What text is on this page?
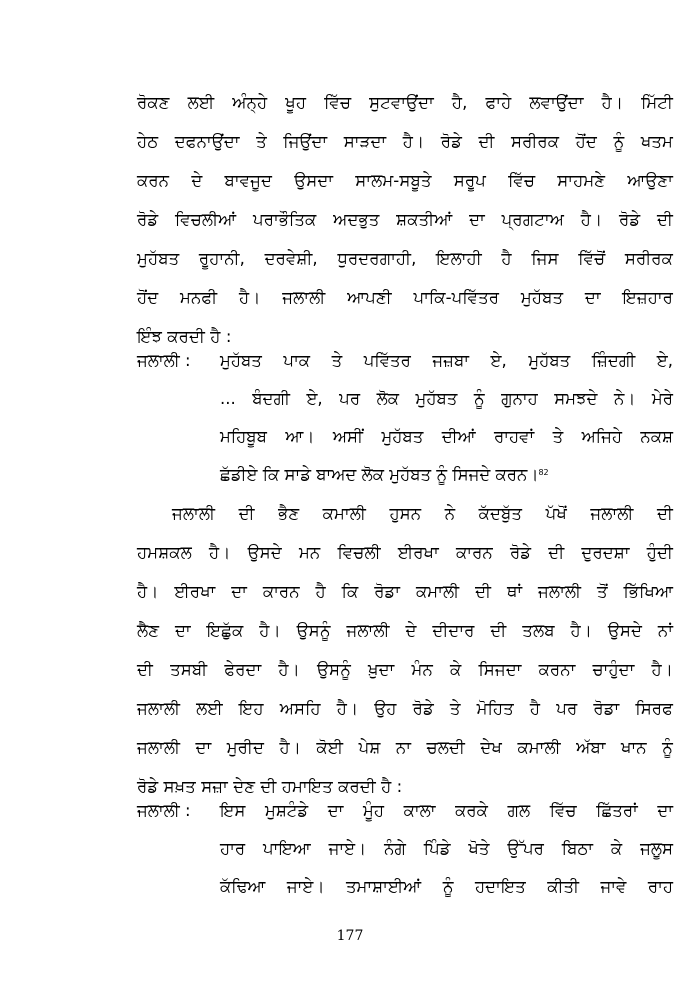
ਰੋਕਣ ਲਈ ਅੰਨ੍ਹੇ ਖੂਹ ਵਿੱਚ ਸੁਟਵਾਉਂਦਾ ਹੈ, ਫਾਹੇ ਲਵਾਉਂਦਾ ਹੈ। ਮਿੱਟੀ
ਹੇਠ ਦਫਨਾਉਂਦਾ ਤੇ ਜਿਉਂਦਾ ਸਾੜਦਾ ਹੈ। ਰੋਡੇ ਦੀ ਸਰੀਰਕ ਹੋਂਦ ਨੂੰ ਖਤਮ
ਕਰਨ ਦੇ ਬਾਵਜੂਦ ਉਸਦਾ ਸਾਲਮ-ਸਬੂਤੇ ਸਰੂਪ ਵਿੱਚ ਸਾਹਮਣੇ ਆਉਣਾ
ਰੋਡੇ ਵਿਚਲੀਆਂ ਪਰਾਭੌਤਿਕ ਅਦਭੁਤ ਸ਼ਕਤੀਆਂ ਦਾ ਪ੍ਰਗਟਾਅ ਹੈ। ਰੋਡੇ ਦੀ
ਮੁਹੱਬਤ ਰੂਹਾਨੀ, ਦਰਵੇਸ਼ੀ, ਧੁਰਦਰਗਾਹੀ, ਇਲਾਹੀ ਹੈ ਜਿਸ ਵਿੱਚੋਂ ਸਰੀਰਕ
ਹੋਂਦ ਮਨਫੀ ਹੈ। ਜਲਾਲੀ ਆਪਣੀ ਪਾਕਿ-ਪਵਿੱਤਰ ਮੁਹੱਬਤ ਦਾ ਇਜ਼ਹਾਰ
ਇੰਝ ਕਰਦੀ ਹੈ :
ਜਲਾਲੀ :	ਮੁਹੱਬਤ ਪਾਕ ਤੇ ਪਵਿੱਤਰ ਜਜ਼ਬਾ ਏ, ਮੁਹੱਬਤ ਜ਼ਿੰਦਗੀ ਏ,
... ਬੰਦਗੀ ਏ, ਪਰ ਲੋਕ ਮੁਹੱਬਤ ਨੂੰ ਗੁਨਾਹ ਸਮਝਦੇ ਨੇ। ਮੇਰੇ
ਮਹਿਬੂਬ ਆ। ਅਸੀਂ ਮੁਹੱਬਤ ਦੀਆਂ ਰਾਹਵਾਂ ਤੇ ਅਜਿਹੇ ਨਕਸ਼
ਛੱਡੀਏ ਕਿ ਸਾਡੇ ਬਾਅਦ ਲੋਕ ਮੁਹੱਬਤ ਨੂੰ ਸਿਜਦੇ ਕਰਨ।$^{82}$
ਜਲਾਲੀ ਦੀ ਭੈਣ ਕਮਾਲੀ ਹੁਸਨ ਨੇ ਕੱਦਬੁੱਤ ਪੱਖੋਂ ਜਲਾਲੀ ਦੀ
ਹਮਸ਼ਕਲ ਹੈ। ਉਸਦੇ ਮਨ ਵਿਚਲੀ ਈਰਖਾ ਕਾਰਨ ਰੋਡੇ ਦੀ ਦੁਰਦਸ਼ਾ ਹੁੰਦੀ
ਹੈ। ਈਰਖਾ ਦਾ ਕਾਰਨ ਹੈ ਕਿ ਰੋਡਾ ਕਮਾਲੀ ਦੀ ਥਾਂ ਜਲਾਲੀ ਤੋਂ ਭਿੱਖਿਆ
ਲੈਣ ਦਾ ਇਛੁੱਕ ਹੈ। ਉਸਨੂੰ ਜਲਾਲੀ ਦੇ ਦੀਦਾਰ ਦੀ ਤਲਬ ਹੈ। ਉਸਦੇ ਨਾਂ
ਦੀ ਤਸਬੀ ਫੇਰਦਾ ਹੈ। ਉਸਨੂੰ ਖ਼ੁਦਾ ਮੰਨ ਕੇ ਸਿਜਦਾ ਕਰਨਾ ਚਾਹੁੰਦਾ ਹੈ।
ਜਲਾਲੀ ਲਈ ਇਹ ਅਸਹਿ ਹੈ। ਉਹ ਰੋਡੇ ਤੇ ਮੋਹਿਤ ਹੈ ਪਰ ਰੋਡਾ ਸਿਰਫ
ਜਲਾਲੀ ਦਾ ਮੁਰੀਦ ਹੈ। ਕੋਈ ਪੇਸ਼ ਨਾ ਚਲਦੀ ਦੇਖ ਕਮਾਲੀ ਅੱਬਾ ਖਾਨ ਨੂੰ
ਰੋਡੇ ਸਖ਼ਤ ਸਜ਼ਾ ਦੇਣ ਦੀ ਹਮਾਇਤ ਕਰਦੀ ਹੈ :
ਜਲਾਲੀ :	ਇਸ ਮੁਸ਼ਟੰਡੇ ਦਾ ਮੂੰਹ ਕਾਲਾ ਕਰਕੇ ਗਲ ਵਿੱਚ ਛਿੱਤਰਾਂ ਦਾ
ਹਾਰ ਪਾਇਆ ਜਾਏ। ਨੰਗੇ ਪਿੰਡੇ ਖੋਤੇ ਉੱਪਰ ਬਿਠਾ ਕੇ ਜਲੂਸ
ਕੱਢਿਆ ਜਾਏ। ਤਮਾਸ਼ਾਈਆਂ ਨੂੰ ਹਦਾਇਤ ਕੀਤੀ ਜਾਵੇ ਰਾਹ
177
